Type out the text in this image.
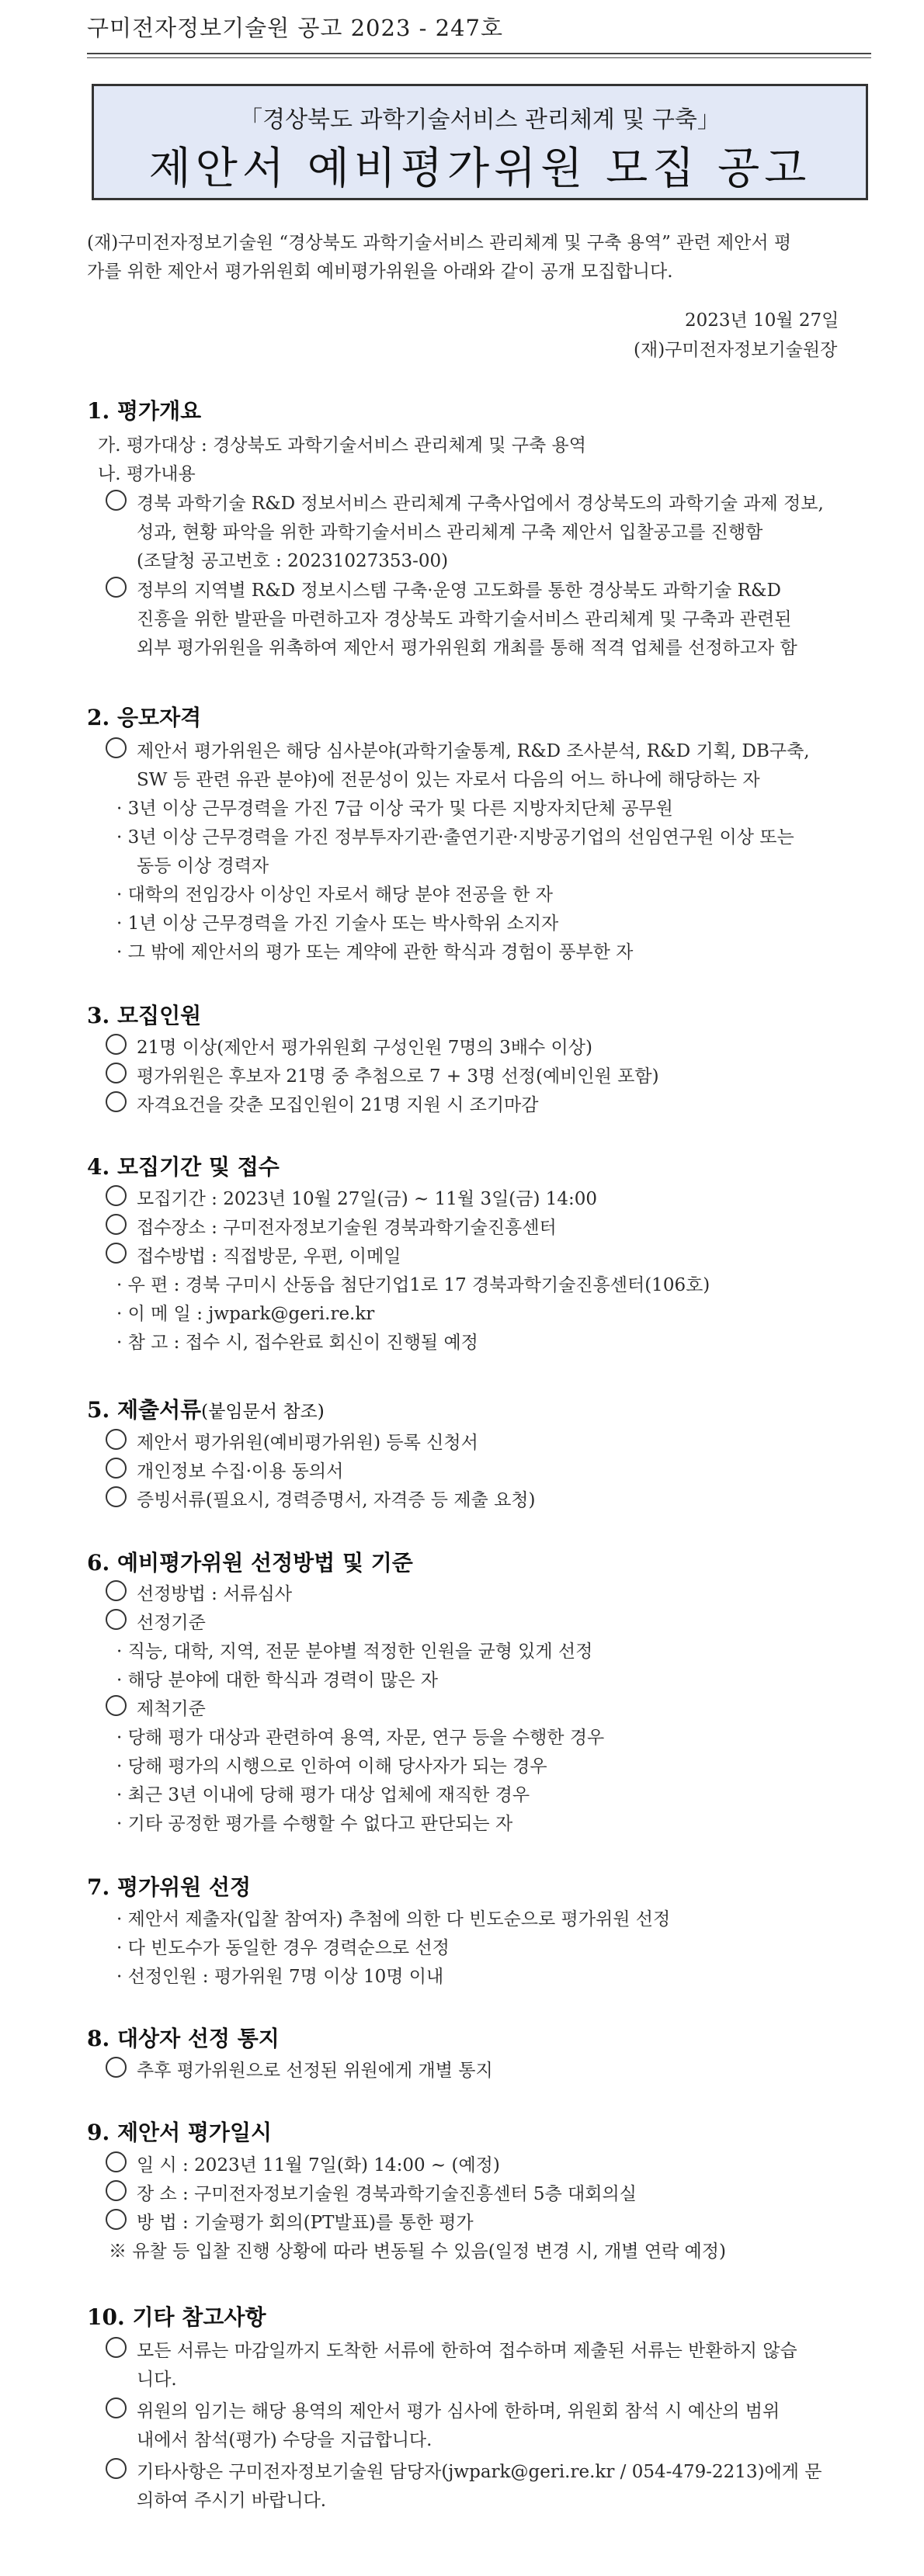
구미전자정보기술원 공고 2023 - 247호
「경상북도 과학기술서비스 관리체계 및 구축」
제안서 예비평가위원 모집 공고
(재)구미전자정보기술원 “경상북도 과학기술서비스 관리체계 및 구축 용역” 관련 제안서 평
가를 위한 제안서 평가위원회 예비평가위원을 아래와 같이 공개 모집합니다.
2023년 10월 27일
(재)구미전자정보기술원장
1. 평가개요
가. 평가대상 : 경상북도 과학기술서비스 관리체계 및 구축 용역
나. 평가내용
경북 과학기술 R&D 정보서비스 관리체계 구축사업에서 경상북도의 과학기술 과제 정보,
성과, 현황 파악을 위한 과학기술서비스 관리체계 구축 제안서 입찰공고를 진행함
(조달청 공고번호 : 20231027353-00)
정부의 지역별 R&D 정보시스템 구축·운영 고도화를 통한 경상북도 과학기술 R&D
진흥을 위한 발판을 마련하고자 경상북도 과학기술서비스 관리체계 및 구축과 관련된
외부 평가위원을 위촉하여 제안서 평가위원회 개최를 통해 적격 업체를 선정하고자 함
2. 응모자격
제안서 평가위원은 해당 심사분야(과학기술통계, R&D 조사분석, R&D 기획, DB구축,
SW 등 관련 유관 분야)에 전문성이 있는 자로서 다음의 어느 하나에 해당하는 자
· 3년 이상 근무경력을 가진 7급 이상 국가 및 다른 지방자치단체 공무원
· 3년 이상 근무경력을 가진 정부투자기관·출연기관·지방공기업의 선임연구원 이상 또는
동등 이상 경력자
· 대학의 전임강사 이상인 자로서 해당 분야 전공을 한 자
· 1년 이상 근무경력을 가진 기술사 또는 박사학위 소지자
· 그 밖에 제안서의 평가 또는 계약에 관한 학식과 경험이 풍부한 자
3. 모집인원
21명 이상(제안서 평가위원회 구성인원 7명의 3배수 이상)
평가위원은 후보자 21명 중 추첨으로 7 + 3명 선정(예비인원 포함)
자격요건을 갖춘 모집인원이 21명 지원 시 조기마감
4. 모집기간 및 접수
모집기간 : 2023년 10월 27일(금) ~ 11월 3일(금) 14:00
접수장소 : 구미전자정보기술원 경북과학기술진흥센터
접수방법 : 직접방문, 우편, 이메일
· 우 편 : 경북 구미시 산동읍 첨단기업1로 17 경북과학기술진흥센터(106호)
· 이 메 일 : jwpark@geri.re.kr
· 참 고 : 접수 시, 접수완료 회신이 진행될 예정
5. 제출서류(붙임문서 참조)
제안서 평가위원(예비평가위원) 등록 신청서
개인정보 수집·이용 동의서
증빙서류(필요시, 경력증명서, 자격증 등 제출 요청)
6. 예비평가위원 선정방법 및 기준
선정방법 : 서류심사
선정기준
· 직능, 대학, 지역, 전문 분야별 적정한 인원을 균형 있게 선정
· 해당 분야에 대한 학식과 경력이 많은 자
제척기준
· 당해 평가 대상과 관련하여 용역, 자문, 연구 등을 수행한 경우
· 당해 평가의 시행으로 인하여 이해 당사자가 되는 경우
· 최근 3년 이내에 당해 평가 대상 업체에 재직한 경우
· 기타 공정한 평가를 수행할 수 없다고 판단되는 자
7. 평가위원 선정
· 제안서 제출자(입찰 참여자) 추첨에 의한 다 빈도순으로 평가위원 선정
· 다 빈도수가 동일한 경우 경력순으로 선정
· 선정인원 : 평가위원 7명 이상 10명 이내
8. 대상자 선정 통지
추후 평가위원으로 선정된 위원에게 개별 통지
9. 제안서 평가일시
일 시 : 2023년 11월 7일(화) 14:00 ~ (예정)
장 소 : 구미전자정보기술원 경북과학기술진흥센터 5층 대회의실
방 법 : 기술평가 회의(PT발표)를 통한 평가
※ 유찰 등 입찰 진행 상황에 따라 변동될 수 있음(일정 변경 시, 개별 연락 예정)
10. 기타 참고사항
모든 서류는 마감일까지 도착한 서류에 한하여 접수하며 제출된 서류는 반환하지 않습
니다.
위원의 임기는 해당 용역의 제안서 평가 심사에 한하며, 위원회 참석 시 예산의 범위
내에서 참석(평가) 수당을 지급합니다.
기타사항은 구미전자정보기술원 담당자(jwpark@geri.re.kr / 054-479-2213)에게 문
의하여 주시기 바랍니다.
